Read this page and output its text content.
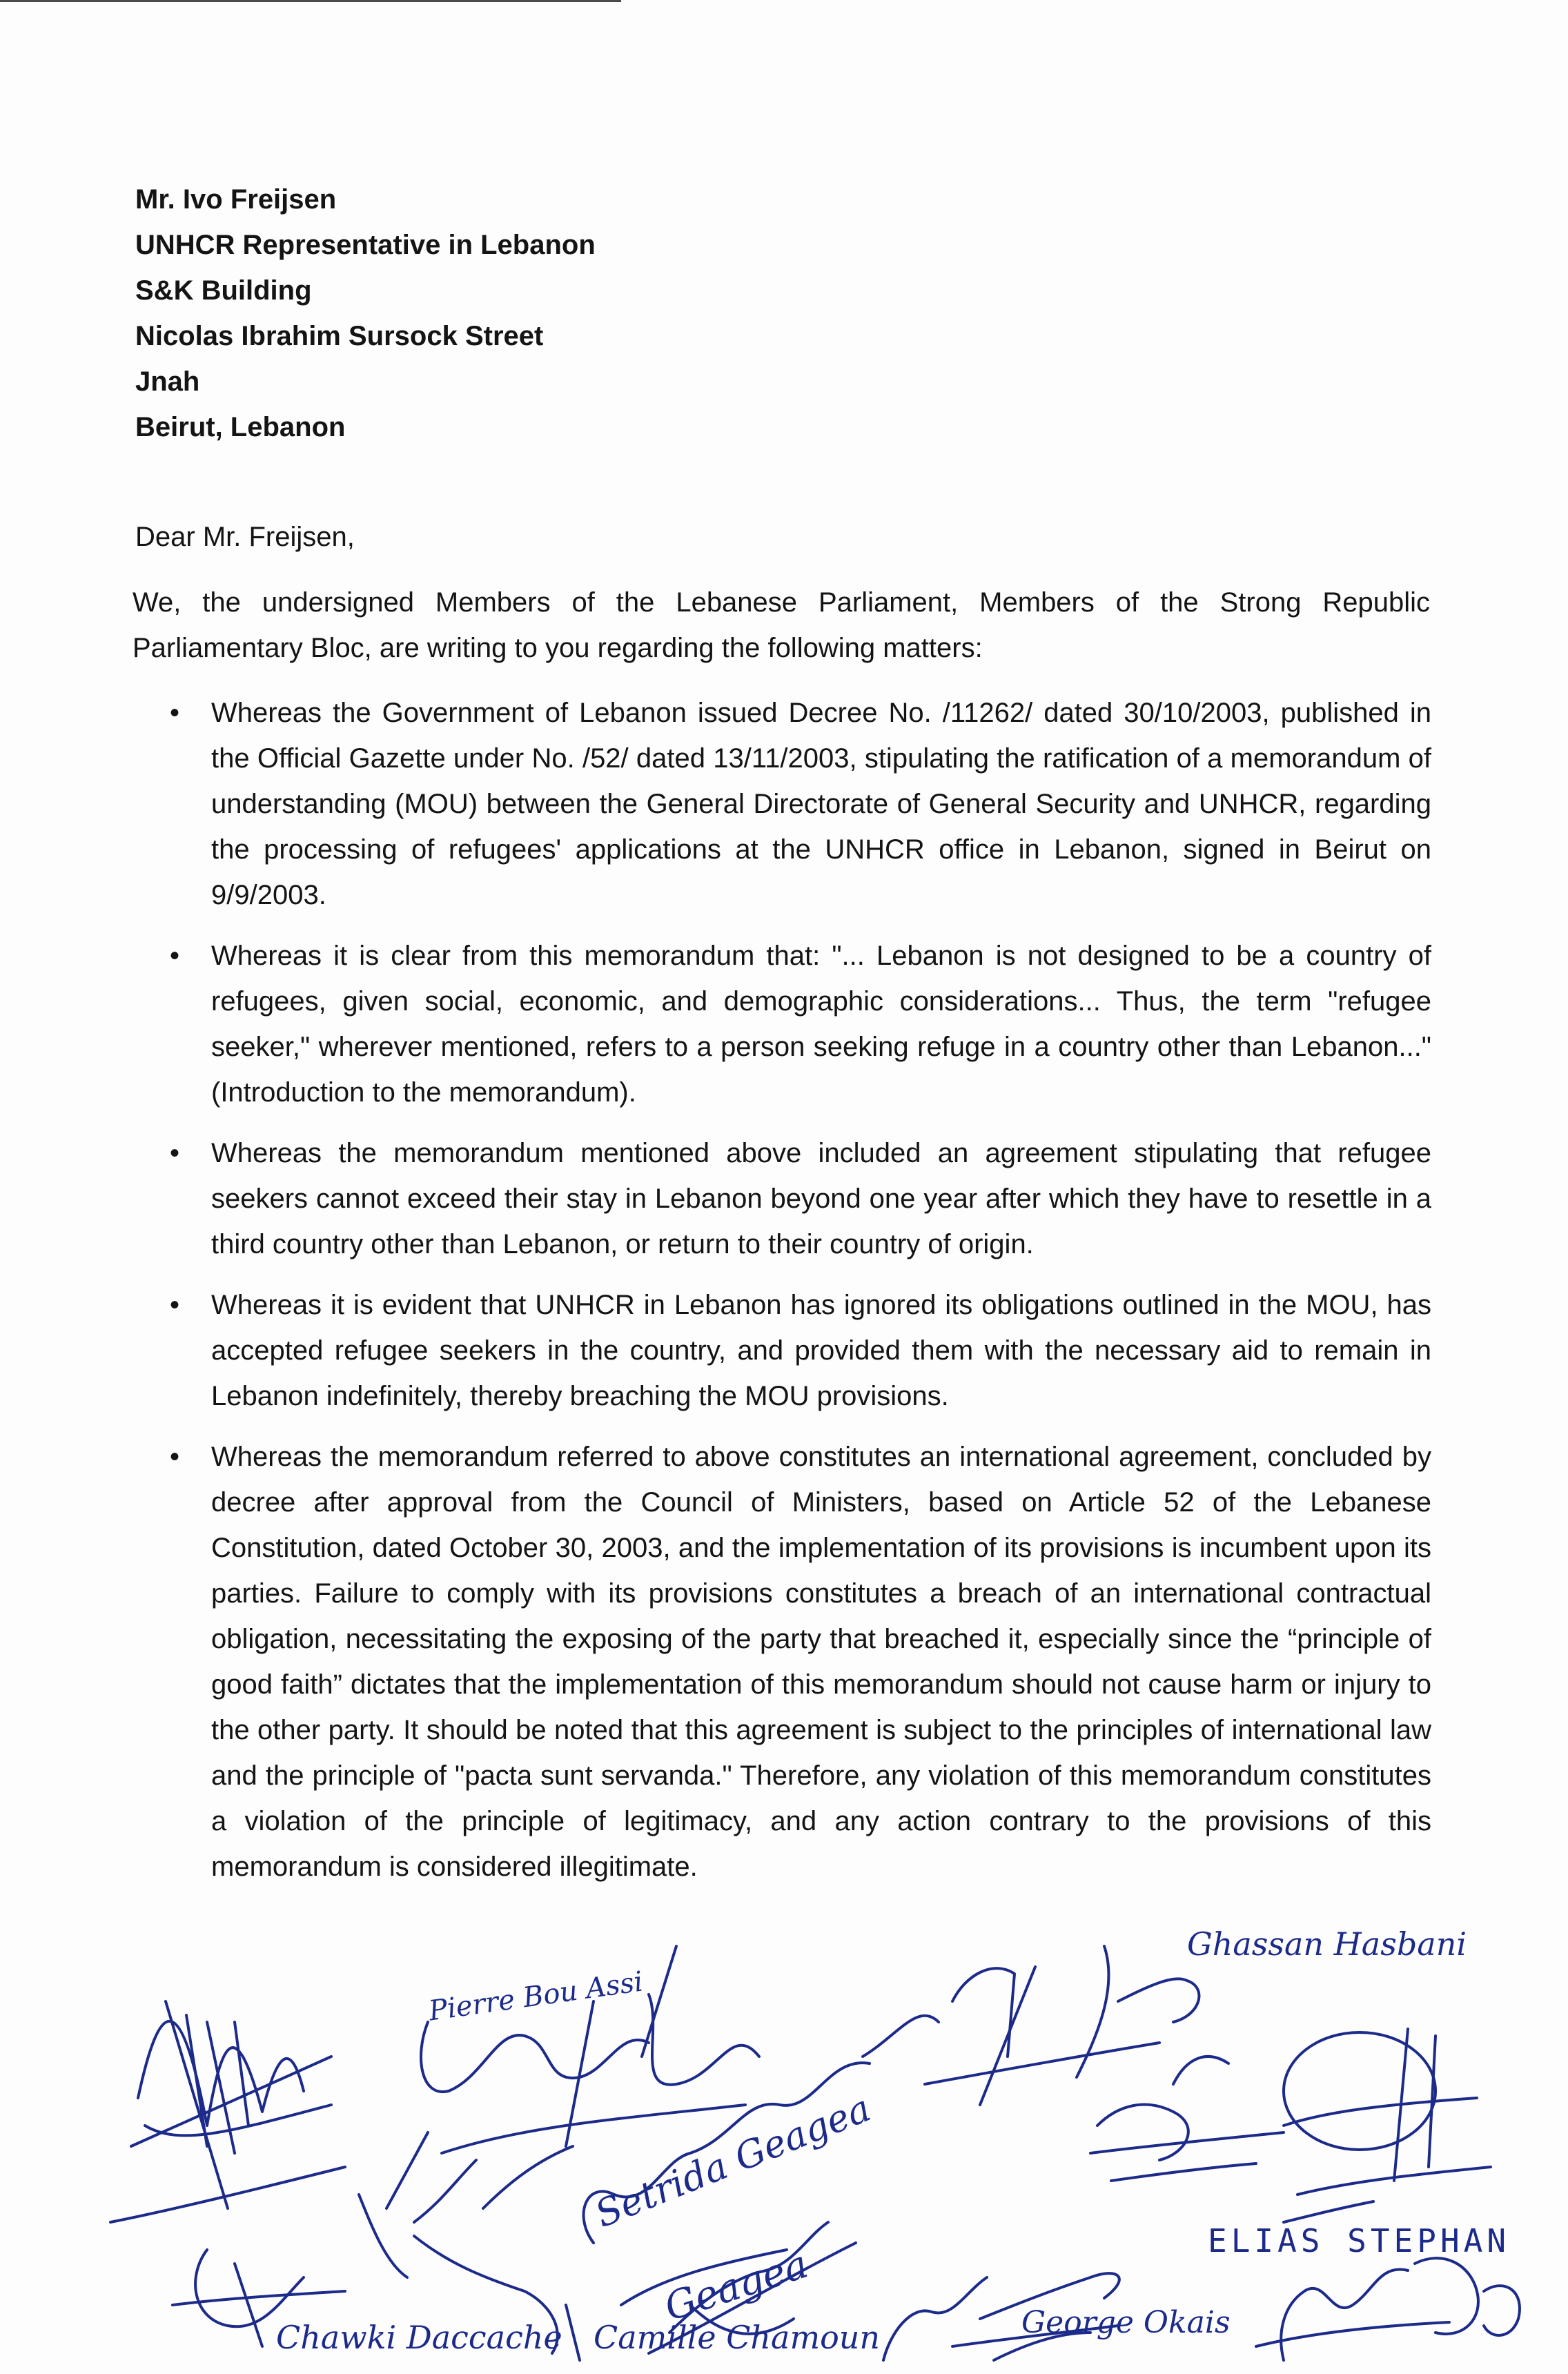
Mr. Ivo Freijsen
UNHCR Representative in Lebanon
S&K Building
Nicolas Ibrahim Sursock Street
Jnah
Beirut, Lebanon
Dear Mr. Freijsen,
We, the undersigned Members of the Lebanese Parliament, Members of the Strong Republic Parliamentary Bloc, are writing to you regarding the following matters:
• Whereas the Government of Lebanon issued Decree No. /11262/ dated 30/10/2003, published in the Official Gazette under No. /52/ dated 13/11/2003, stipulating the ratification of a memorandum of understanding (MOU) between the General Directorate of General Security and UNHCR, regarding the processing of refugees' applications at the UNHCR office in Lebanon, signed in Beirut on 9/9/2003.
• Whereas it is clear from this memorandum that: "... Lebanon is not designed to be a country of refugees, given social, economic, and demographic considerations... Thus, the term "refugee seeker," wherever mentioned, refers to a person seeking refuge in a country other than Lebanon..." (Introduction to the memorandum).
• Whereas the memorandum mentioned above included an agreement stipulating that refugee seekers cannot exceed their stay in Lebanon beyond one year after which they have to resettle in a third country other than Lebanon, or return to their country of origin.
• Whereas it is evident that UNHCR in Lebanon has ignored its obligations outlined in the MOU, has accepted refugee seekers in the country, and provided them with the necessary aid to remain in Lebanon indefinitely, thereby breaching the MOU provisions.
• Whereas the memorandum referred to above constitutes an international agreement, concluded by decree after approval from the Council of Ministers, based on Article 52 of the Lebanese Constitution, dated October 30, 2003, and the implementation of its provisions is incumbent upon its parties. Failure to comply with its provisions constitutes a breach of an international contractual obligation, necessitating the exposing of the party that breached it, especially since the “principle of good faith” dictates that the implementation of this memorandum should not cause harm or injury to the other party. It should be noted that this agreement is subject to the principles of international law and the principle of "pacta sunt servanda." Therefore, any violation of this memorandum constitutes a violation of the principle of legitimacy, and any action contrary to the provisions of this memorandum is considered illegitimate.
Ghassan Hasbani
Pierre Bou Assi
Setrida Geagea
Geagea
ELIAS STEPHAN
Chawki Daccache Camille Chamoun	George Okais
